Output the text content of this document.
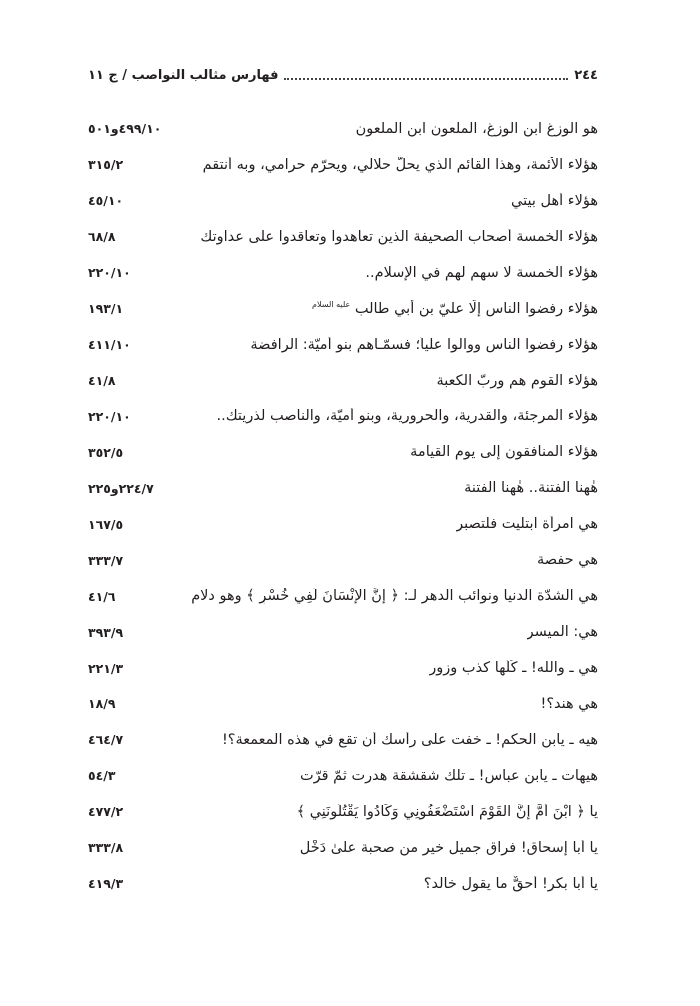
٢٤٤
فهارس مثالب النواصب / ج ١١
هو الوزغ ابن الوزغ، الملعون ابن الملعون
٤٩٩/١٠و٥٠١
هؤلاء الأئمة، وهذا القائم الذي يحلّ حلالي، ويحرّم حرامي، وبه أنتقم
٣١٥/٢
هؤلاء أهل بيتي
٤٥/١٠
هؤلاء الخمسة أصحاب الصحيفة الذين تعاهدوا وتعاقدوا على عداوتك
٦٨/٨
هؤلاء الخمسة لا سهم لهم في الإسلام..
٢٢٠/١٠
هؤلاء رفضوا الناس إلّا عليّ بن أبي طالب $^{عليه السلام}$
١٩٣/١
هؤلاء رفضوا الناس ووالوا علياً؛ فسمّـاهم بنو أُميّة: الرافضة
٤١١/١٠
هؤلاء القوم هم وربّ الكعبة
٤١/٨
هؤلاء المرجئة، والقدرية، والحرورية، وبنو أُميّة، والناصب لذريتك..
٢٢٠/١٠
هؤلاء المنافقون إلى يوم القيامة
٣٥٢/٥
هٰهنا الفتنة.. هٰهنا الفتنة
٢٢٤/٧و٢٢٥
هي امرأة ابتليت فلتصبر
١٦٧/٥
هي حفصة
٣٣٣/٧
هي الشدّة الدنيا ونوائب الدهر لـ: ﴿ إِنَّ الإِنْسَانَ لَفِي خُسْرٍ ﴾ وهو دلام
٤١/٦
هي: الميسر
٣٩٣/٩
هي ـ والله! ـ كُلّها كذب وزور
٢٢١/٣
هي هند؟!
١٨/٩
هيه ـ يابن الحكم! ـ خفت على رأسك أن تقع في هذه المعمعة؟!
٤٦٤/٧
هيهات ـ يابن عباس! ـ تلك شقشقة هدرت ثمّ قرّت
٥٤/٣
يا ﴿ ابْنَ أُمَّ إِنَّ القَوْمَ اسْتَضْعَفُونِي وَكَادُوا يَقْتُلُونَنِي ﴾
٤٧٧/٢
يا أبا إسحاق! فراق جميل خير من صحبة علىٰ دَخْل
٣٣٣/٨
يا أبا بكر! أحقٌّ ما يقول خالد؟
٤١٩/٣
